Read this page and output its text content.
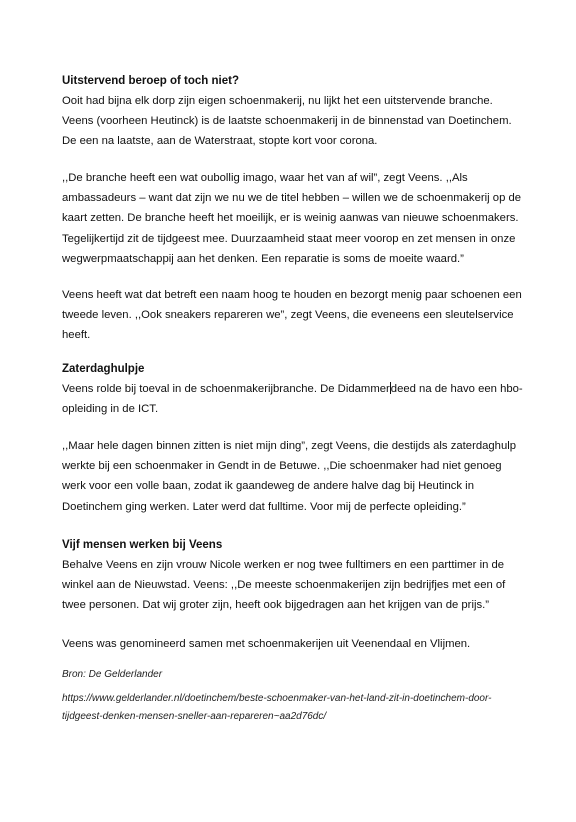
Uitstervend beroep of toch niet?
Ooit had bijna elk dorp zijn eigen schoenmakerij, nu lijkt het een uitstervende branche.
Veens (voorheen Heutinck) is de laatste schoenmakerij in de binnenstad van Doetinchem.
De een na laatste, aan de Waterstraat, stopte kort voor corona.
,,De branche heeft een wat oubollig imago, waar het van af wil”, zegt Veens. ,,Als
ambassadeurs – want dat zijn we nu we de titel hebben – willen we de schoenmakerij op de
kaart zetten. De branche heeft het moeilijk, er is weinig aanwas van nieuwe schoenmakers.
Tegelijkertijd zit de tijdgeest mee. Duurzaamheid staat meer voorop en zet mensen in onze
wegwerpmaatschappij aan het denken. Een reparatie is soms de moeite waard.”
Veens heeft wat dat betreft een naam hoog te houden en bezorgt menig paar schoenen een
tweede leven. ,,Ook sneakers repareren we”, zegt Veens, die eveneens een sleutelservice
heeft.
Zaterdaghulpje
Veens rolde bij toeval in de schoenmakerijbranche. De Didammerdeed na de havo een hbo-
opleiding in de ICT.
,,Maar hele dagen binnen zitten is niet mijn ding”, zegt Veens, die destijds als zaterdaghulp
werkte bij een schoenmaker in Gendt in de Betuwe. ,,Die schoenmaker had niet genoeg
werk voor een volle baan, zodat ik gaandeweg de andere halve dag bij Heutinck in
Doetinchem ging werken. Later werd dat fulltime. Voor mij de perfecte opleiding.”
Vijf mensen werken bij Veens
Behalve Veens en zijn vrouw Nicole werken er nog twee fulltimers en een parttimer in de
winkel aan de Nieuwstad. Veens: ,,De meeste schoenmakerijen zijn bedrijfjes met een of
twee personen. Dat wij groter zijn, heeft ook bijgedragen aan het krijgen van de prijs.”
Veens was genomineerd samen met schoenmakerijen uit Veenendaal en Vlijmen.
Bron: De Gelderlander
https://www.gelderlander.nl/doetinchem/beste-schoenmaker-van-het-land-zit-in-doetinchem-door-
tijdgeest-denken-mensen-sneller-aan-repareren~aa2d76dc/
